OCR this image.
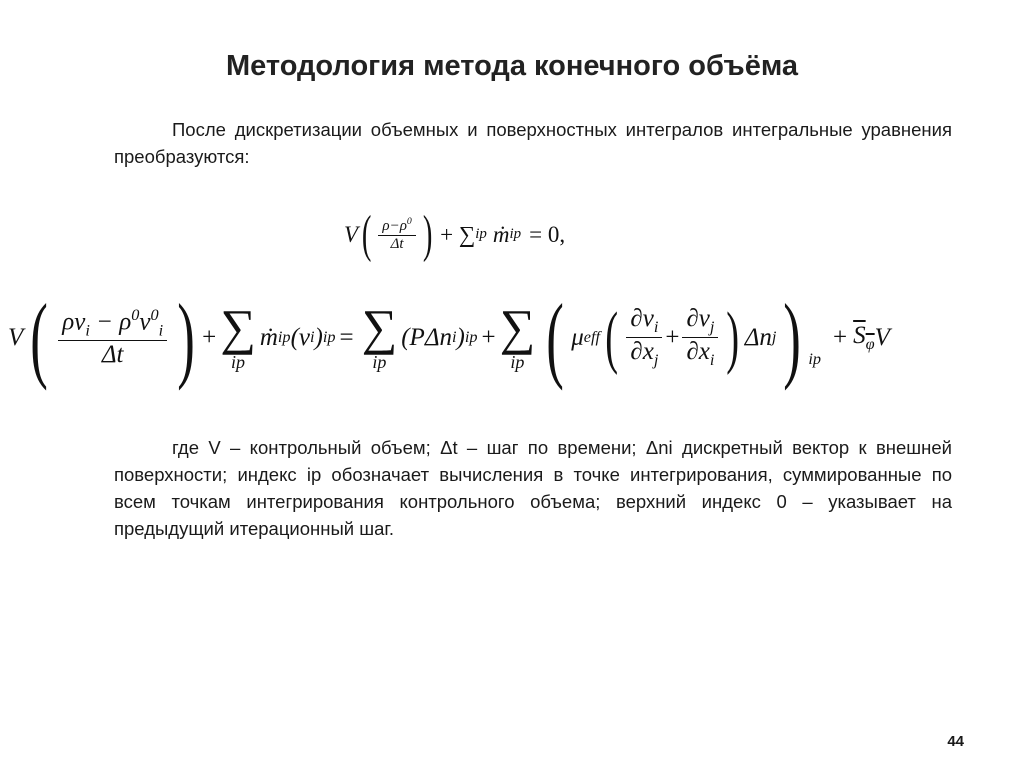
Методология метода конечного объёма
После дискретизации объемных и поверхностных интегралов интегральные уравнения преобразуются:
V ( $\frac{\rho-\rho^0}{\Delta t}$ ) + ∑ ip ṁ ip = 0,
V ( $\frac{\rho v_i - \rho^0v^0_i}{\Delta t}$ ) + ∑
ip
ṁ ip (v i ) ip = ∑
ip
(PΔn i ) ip + ∑
ip ( μ eff ( $\frac{\partial v_i}{\partial x_j} + \frac{\partial v_j}{\partial x_i}$ ) Δn j ) $_{ip}$
+ $S_\varphi$ V
где V – контрольный объем; Δt – шаг по времени; Δni дискретный вектор к внешней поверхности; индекс ip обозначает вычисления в точке интегрирования, суммированные по всем точкам интегрирования контрольного объема; верхний индекс 0 – указывает на предыдущий итерационный шаг.
44
